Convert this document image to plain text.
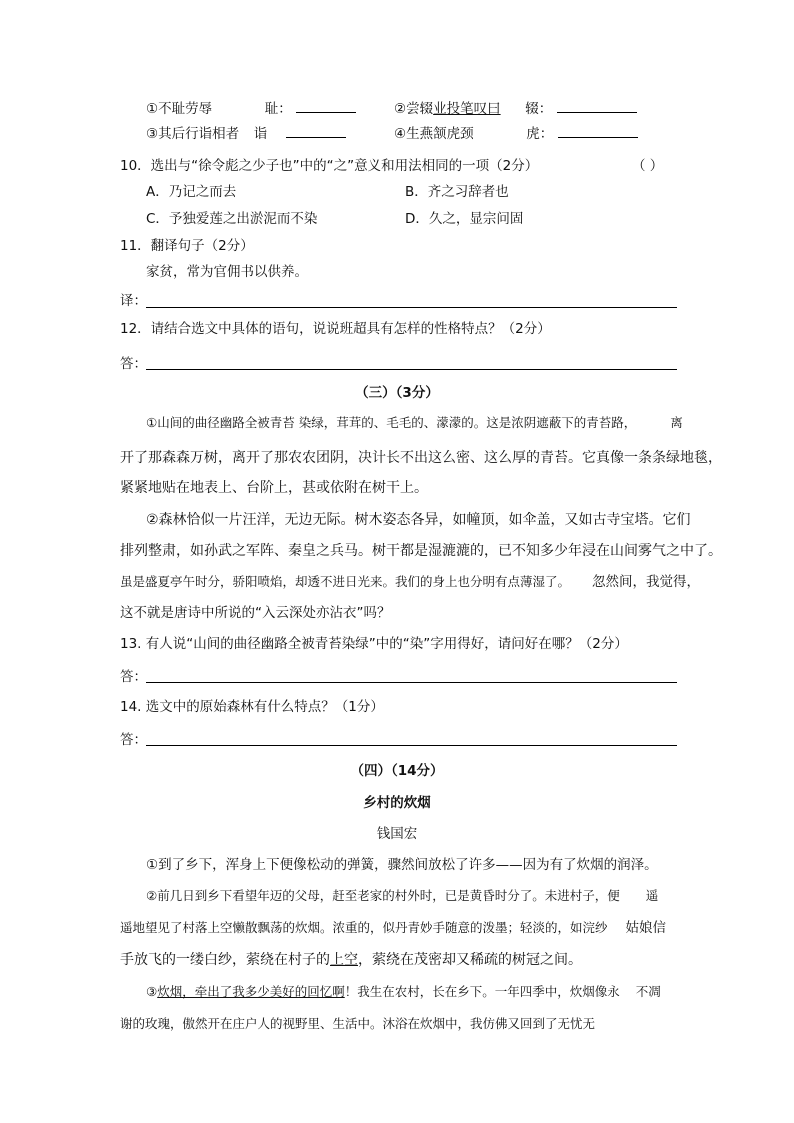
①不耻劳辱	耻：	②尝辍业投笔叹曰 辍：
③其后行诣相者 诣	④生燕颔虎颈	虎：
10．选出与“徐令彪之少子也”中的“之”意义和用法相同的一项（2分）	（ ）
A．乃记之而去	B．齐之习辞者也
C．予独爱莲之出淤泥而不染	D．久之，显宗问固
11．翻译句子（2分）
家贫，常为官佣书以供养。
译：
12．请结合选文中具体的语句，说说班超具有怎样的性格特点？（2分）
答：
（三）（3分）
①山间的曲径幽路全被青苔 染绿，茸茸的、毛毛的、濛濛的。这是浓阴遮蔽下的青苔路，	离
开了那森森万树，离开了那农农团阴，决计长不出这么密、这么厚的青苔。它真像一条条绿地毯，
紧紧地贴在地表上、台阶上，甚或依附在树干上。
②森林恰似一片汪洋，无边无际。树木姿态各异，如幢顶，如伞盖，又如古寺宝塔。它们
排列整肃，如孙武之军阵、秦皇之兵马。树干都是湿漉漉的，已不知多少年浸在山间雾气之中了。
虽是盛夏亭午时分，骄阳喷焰，却透不进日光来。我们的身上也分明有点薄湿了。 忽然间，我觉得，
这不就是唐诗中所说的“入云深处亦沾衣”吗？
13. 有人说“山间的曲径幽路全被青苔染绿”中的“染”字用得好，请问好在哪？（2分）
答：
14. 选文中的原始森林有什么特点？（1分）
答：
（四）（14分）
乡村的炊烟
钱国宏
①到了乡下，浑身上下便像松动的弹簧，骤然间放松了许多——因为有了炊烟的润泽。
②前几日到乡下看望年迈的父母，赶至老家的村外时，已是黄昏时分了。未进村子，便 遥
遥地望见了村落上空懒散飘荡的炊烟。浓重的，似丹青妙手随意的泼墨；轻淡的，如浣纱 姑娘信
手放飞的一缕白纱，萦绕在村子的上空，萦绕在茂密却又稀疏的树冠之间。
③炊烟，牵出了我多少美好的回忆啊！我生在农村，长在乡下。一年四季中，炊烟像永 不凋
谢的玫瑰，傲然开在庄户人的视野里、生活中。沐浴在炊烟中，我仿佛又回到了无忧无
